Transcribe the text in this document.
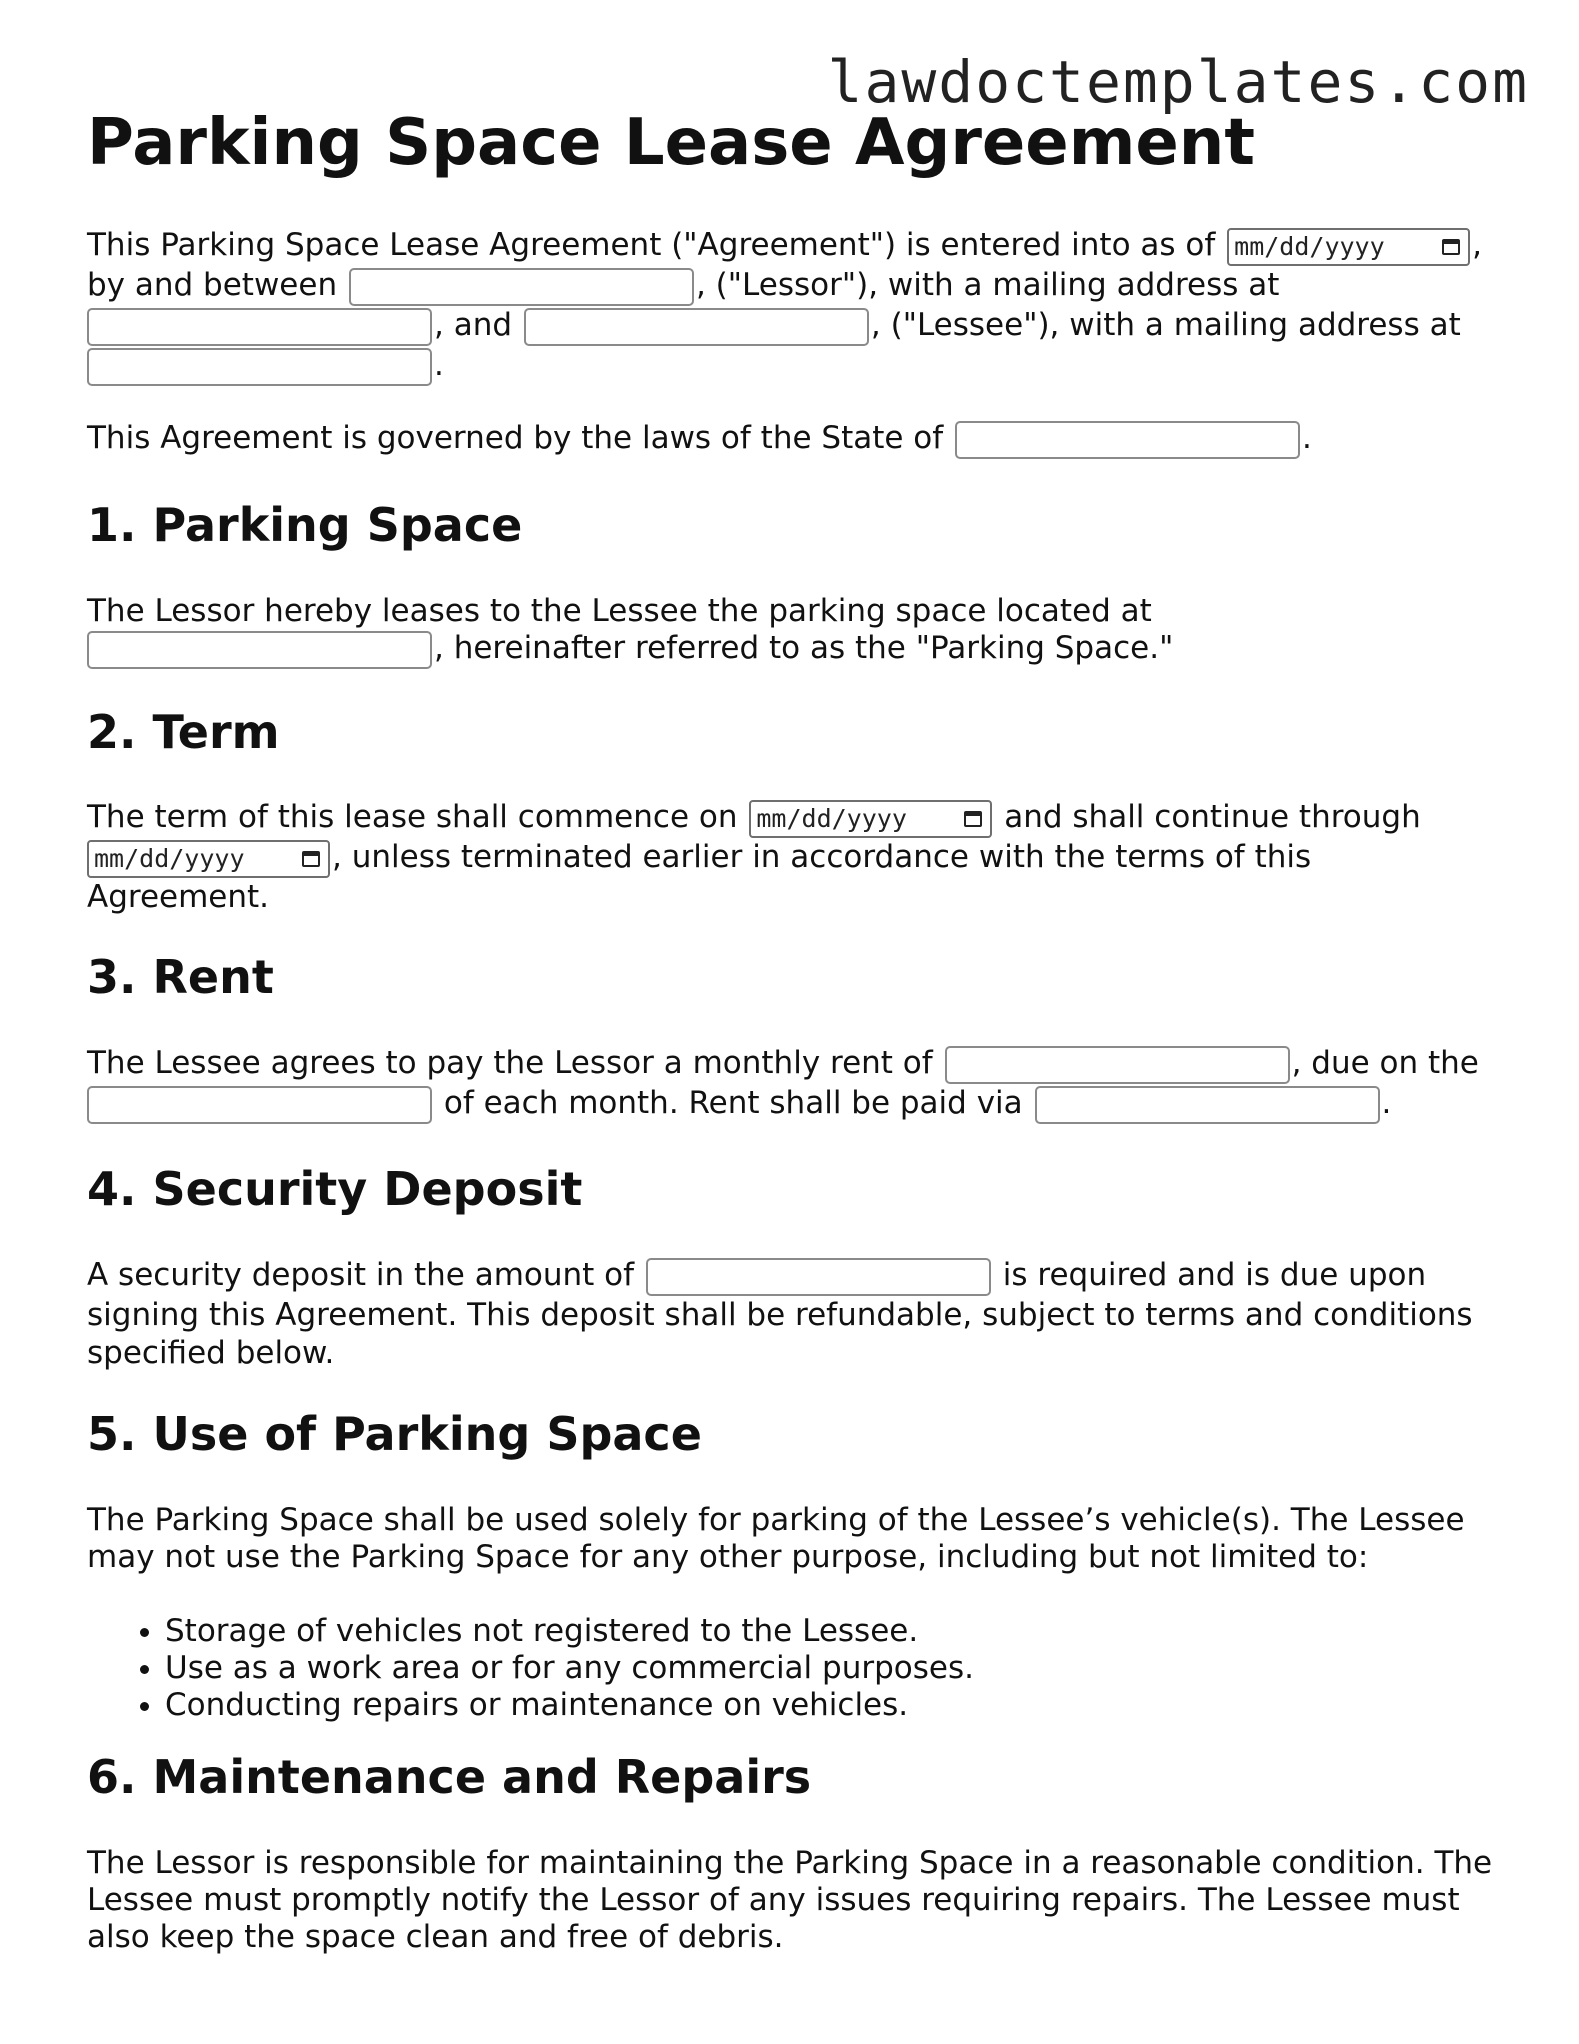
lawdoctemplates.com
Parking Space Lease Agreement
This Parking Space Lease Agreement ("Agreement") is entered into as of mm/dd/yyyy	,
by and between	, ("Lessor"), with a mailing address at
, and	, ("Lessee"), with a mailing address at
.
This Agreement is governed by the laws of the State of	.
1. Parking Space
The Lessor hereby leases to the Lessee the parking space located at
, hereinafter referred to as the "Parking Space."
2. Term
The term of this lease shall commence on mm/dd/yyyy	and shall continue through
mm/dd/yyyy	, unless terminated earlier in accordance with the terms of this
Agreement.
3. Rent
The Lessee agrees to pay the Lessor a monthly rent of	, due on the
of each month. Rent shall be paid via	.
4. Security Deposit
A security deposit in the amount of	is required and is due upon
signing this Agreement. This deposit shall be refundable, subject to terms and conditions
specified below.
5. Use of Parking Space
The Parking Space shall be used solely for parking of the Lessee’s vehicle(s). The Lessee
may not use the Parking Space for any other purpose, including but not limited to:
• Storage of vehicles not registered to the Lessee.
• Use as a work area or for any commercial purposes.
• Conducting repairs or maintenance on vehicles.
6. Maintenance and Repairs
The Lessor is responsible for maintaining the Parking Space in a reasonable condition. The
Lessee must promptly notify the Lessor of any issues requiring repairs. The Lessee must
also keep the space clean and free of debris.
